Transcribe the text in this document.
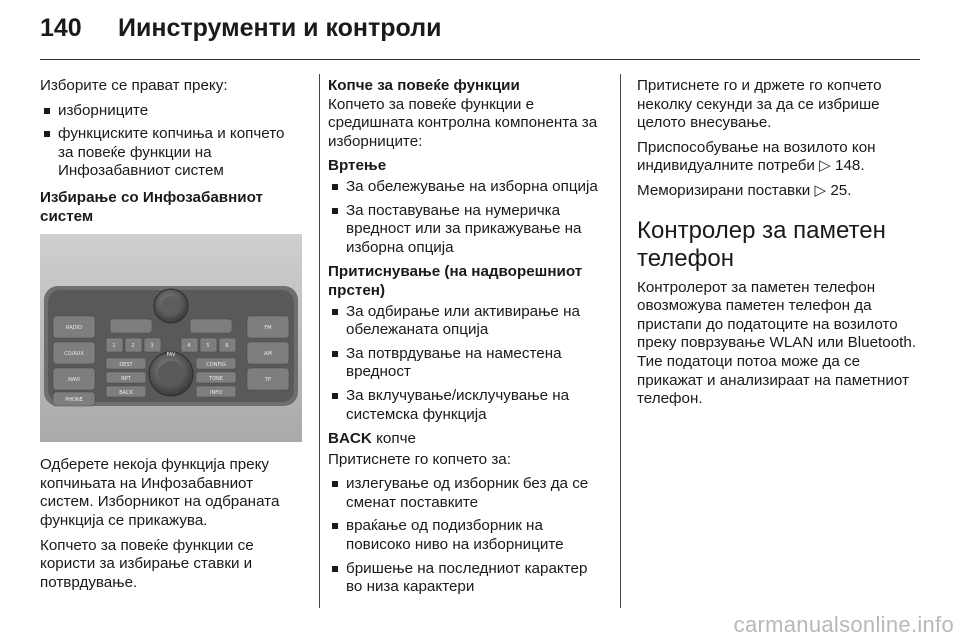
140 Иинструменти и контроли

Изборите се прават преку:

изборниците
функциските копчиња и копчето за повеќе функции на Инфозабавниот систем
Избирање со Инфозабавниот систем
RADIO
CD/AUX
NAVI
PHONE
FM
AM
TP
DEST
RPT
BACK
CONFIG
TONE
INFO
1	2	3	4	5	6
FAV

Одберете некоја функција преку копчињата на Инфозабавниот систем. Изборникот на одбраната функција се прикажува.

Копчето за повеќе функции се користи за избирање ставки и потврдување.

Копче за повеќе функции

Копчето за повеќе функции е средишната контролна компонента за изборниците:

Вртење
За обележување на изборна опција
За поставување на нумеричка вредност или за прикажување на изборна опција
Притиснување (на надворешниот прстен)
За одбирање или активирање на обележаната опција
За потврдување на наместена вредност
За вклучување/исклучување на системска функција
BACK копче

Притиснете го копчето за:

излегување од изборник без да се сменат поставките
враќање од подизборник на повисоко ниво на изборниците
бришење на последниот карактер во низа карактери

Притиснете го и држете го копчето неколку секунди за да се избрише целото внесување.

Приспособување на возилото кон индивидуалните потреби ▷ 148.

Меморизирани поставки ▷ 25.

Контролер за паметен телефон

Контролерот за паметен телефон овозможува паметен телефон да пристапи до податоците на возилото преку поврзување WLAN или Bluetooth. Тие податоци потоа може да се прикажат и анализираат на паметниот телефон.

carmanualsonline.info
